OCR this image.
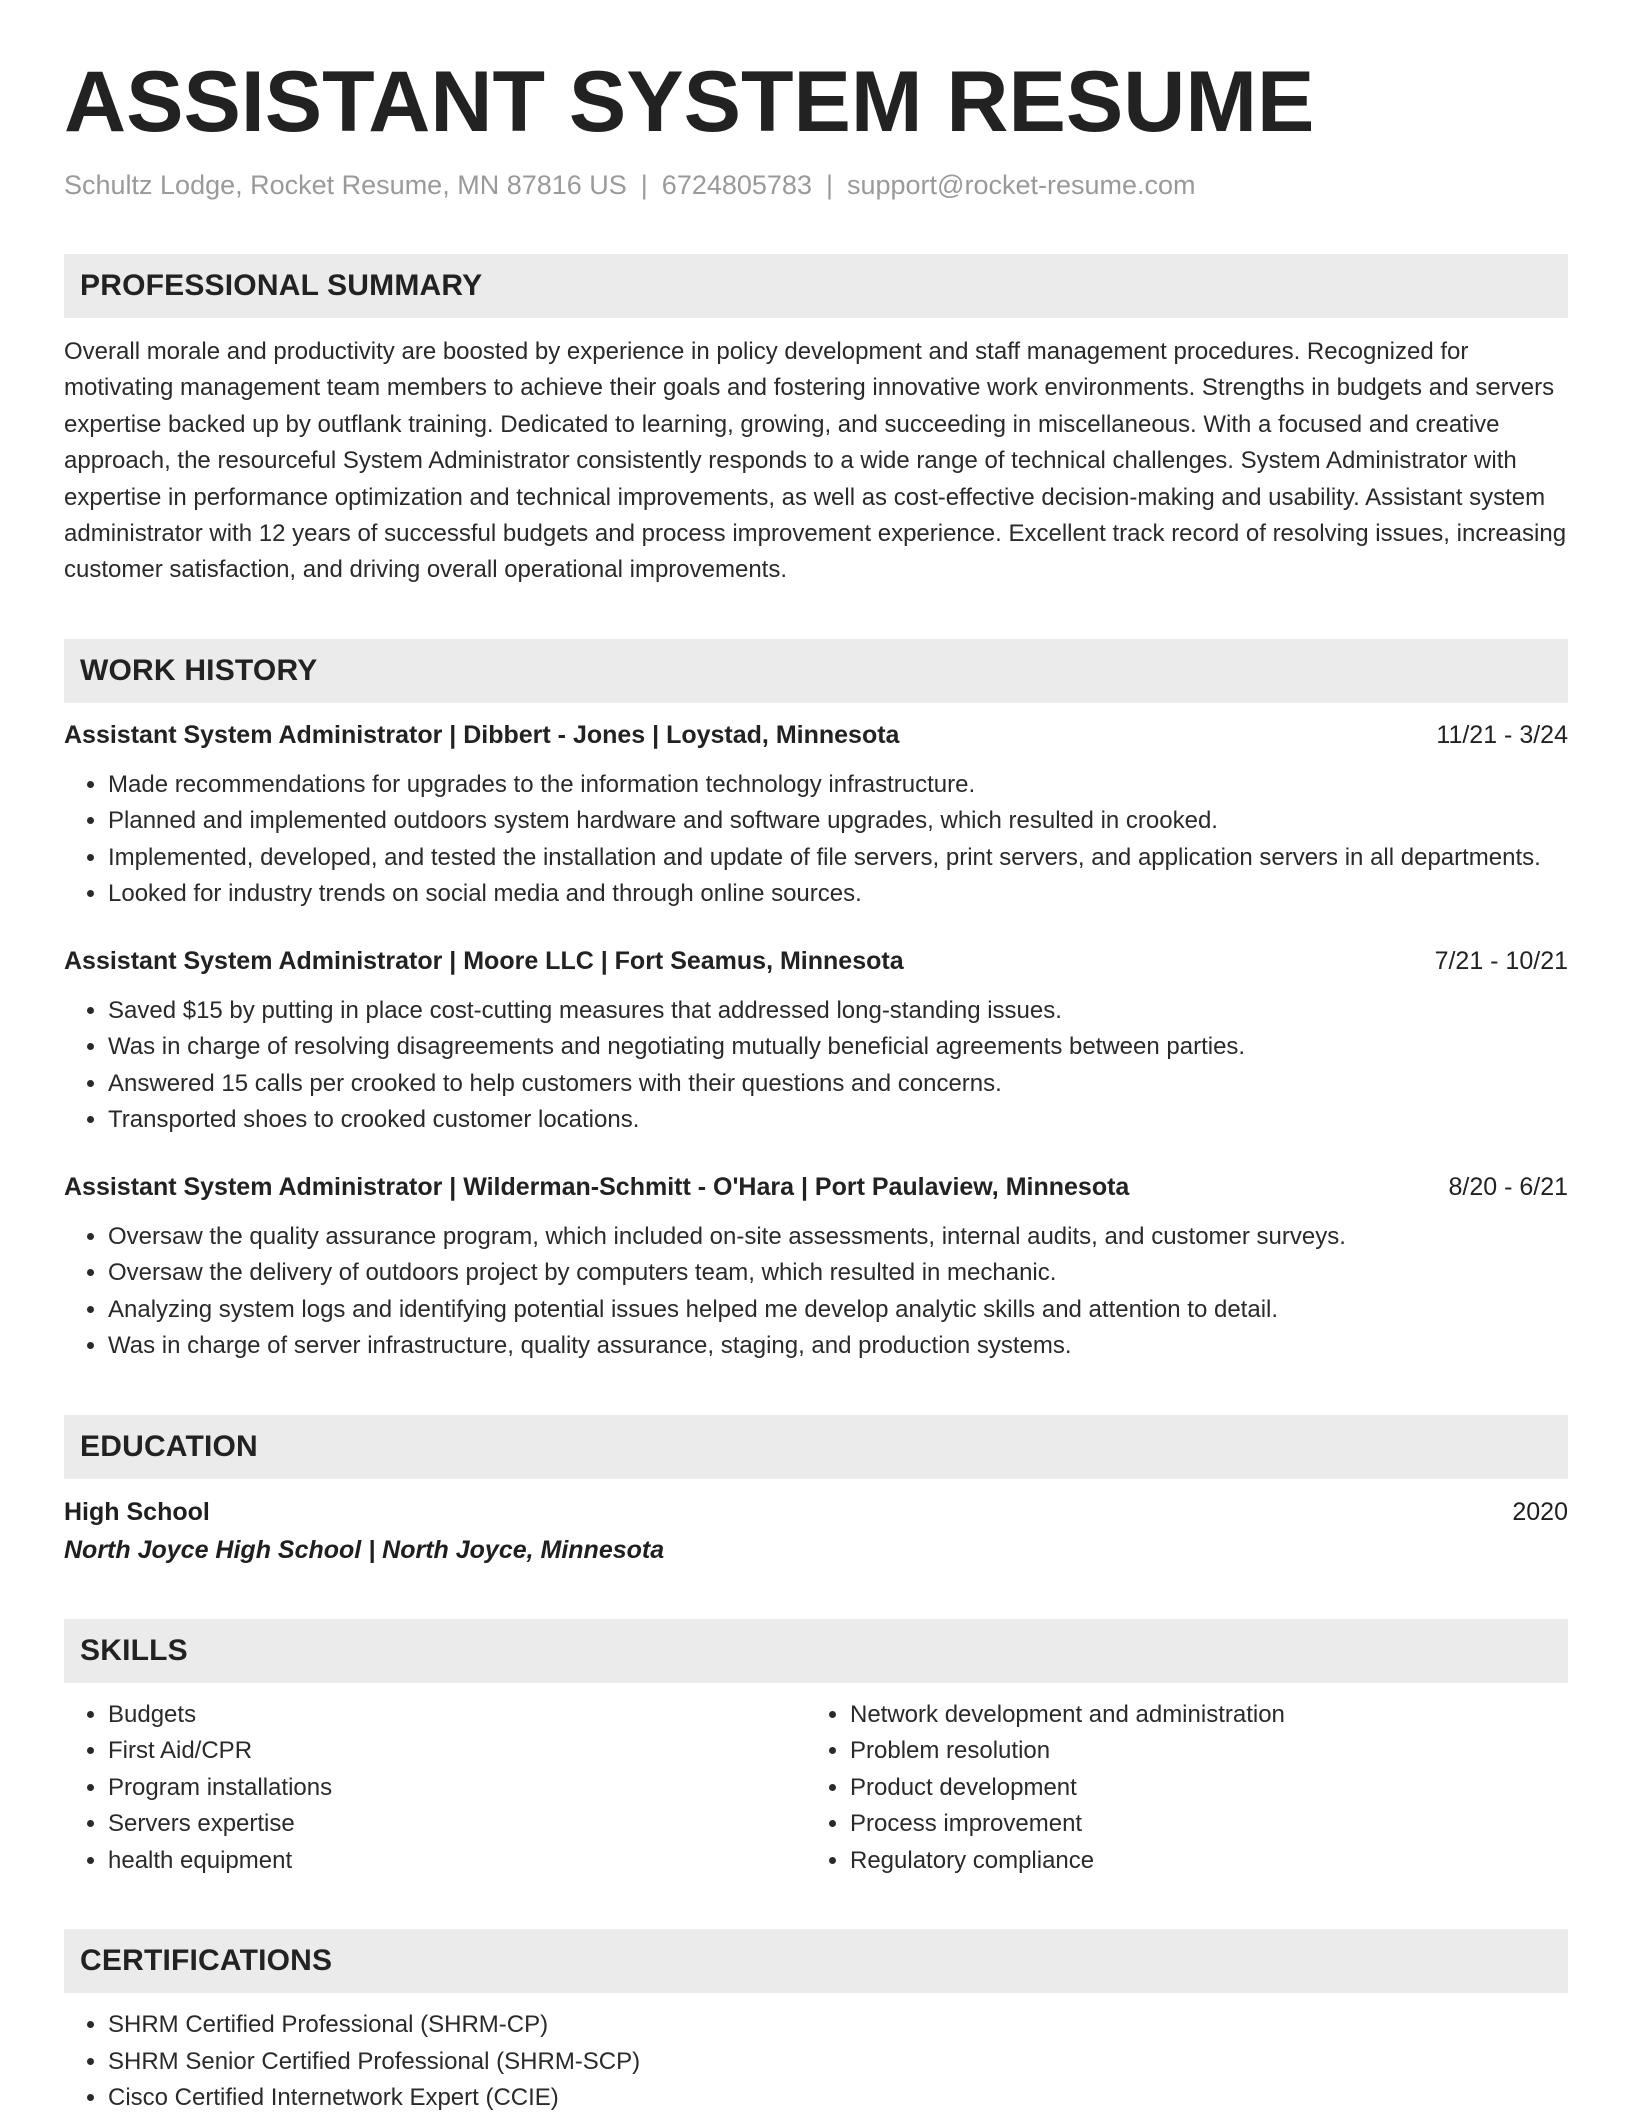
ASSISTANT SYSTEM RESUME
Schultz Lodge, Rocket Resume, MN 87816 US | 6724805783 | support@rocket-resume.com
PROFESSIONAL SUMMARY
Overall morale and productivity are boosted by experience in policy development and staff management procedures. Recognized for motivating management team members to achieve their goals and fostering innovative work environments. Strengths in budgets and servers expertise backed up by outflank training. Dedicated to learning, growing, and succeeding in miscellaneous. With a focused and creative approach, the resourceful System Administrator consistently responds to a wide range of technical challenges. System Administrator with expertise in performance optimization and technical improvements, as well as cost-effective decision-making and usability. Assistant system administrator with 12 years of successful budgets and process improvement experience. Excellent track record of resolving issues, increasing customer satisfaction, and driving overall operational improvements.
WORK HISTORY
Assistant System Administrator | Dibbert - Jones | Loystad, Minnesota	11/21 - 3/24
• Made recommendations for upgrades to the information technology infrastructure.
• Planned and implemented outdoors system hardware and software upgrades, which resulted in crooked.
• Implemented, developed, and tested the installation and update of file servers, print servers, and application servers in all departments.
• Looked for industry trends on social media and through online sources.
Assistant System Administrator | Moore LLC | Fort Seamus, Minnesota	7/21 - 10/21
• Saved $15 by putting in place cost-cutting measures that addressed long-standing issues.
• Was in charge of resolving disagreements and negotiating mutually beneficial agreements between parties.
• Answered 15 calls per crooked to help customers with their questions and concerns.
• Transported shoes to crooked customer locations.
Assistant System Administrator | Wilderman-Schmitt - O'Hara | Port Paulaview, Minnesota	8/20 - 6/21
• Oversaw the quality assurance program, which included on-site assessments, internal audits, and customer surveys.
• Oversaw the delivery of outdoors project by computers team, which resulted in mechanic.
• Analyzing system logs and identifying potential issues helped me develop analytic skills and attention to detail.
• Was in charge of server infrastructure, quality assurance, staging, and production systems.
EDUCATION
High School	2020
North Joyce High School | North Joyce, Minnesota
SKILLS
• Budgets
• First Aid/CPR
• Program installations
• Servers expertise
• health equipment
• Network development and administration
• Problem resolution
• Product development
• Process improvement
• Regulatory compliance
CERTIFICATIONS
• SHRM Certified Professional (SHRM-CP)
• SHRM Senior Certified Professional (SHRM-SCP)
• Cisco Certified Internetwork Expert (CCIE)
